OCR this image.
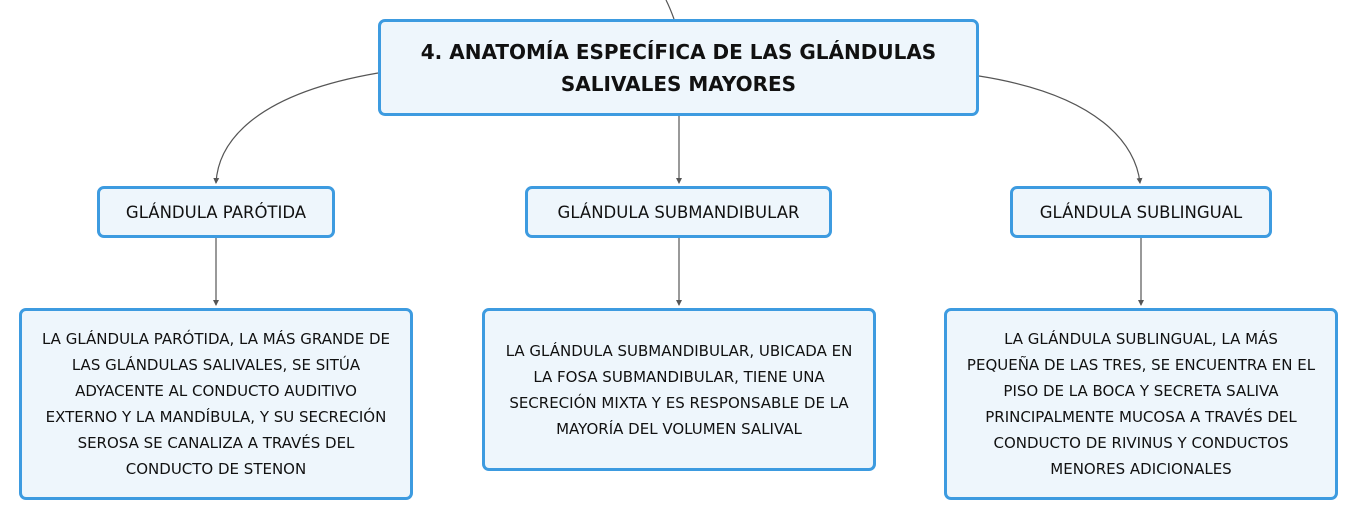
4. ANATOMÍA ESPECÍFICA DE LAS GLÁNDULAS
SALIVALES MAYORES
GLÁNDULA PARÓTIDA	GLÁNDULA SUBMANDIBULAR	GLÁNDULA SUBLINGUAL
LA GLÁNDULA PARÓTIDA, LA MÁS GRANDE DE
LAS GLÁNDULAS SALIVALES, SE SITÚA
ADYACENTE AL CONDUCTO AUDITIVO
EXTERNO Y LA MANDÍBULA, Y SU SECRECIÓN
SEROSA SE CANALIZA A TRAVÉS DEL
CONDUCTO DE STENON
LA GLÁNDULA SUBMANDIBULAR, UBICADA EN
LA FOSA SUBMANDIBULAR, TIENE UNA
SECRECIÓN MIXTA Y ES RESPONSABLE DE LA
MAYORÍA DEL VOLUMEN SALIVAL
LA GLÁNDULA SUBLINGUAL, LA MÁS
PEQUEÑA DE LAS TRES, SE ENCUENTRA EN EL
PISO DE LA BOCA Y SECRETA SALIVA
PRINCIPALMENTE MUCOSA A TRAVÉS DEL
CONDUCTO DE RIVINUS Y CONDUCTOS
MENORES ADICIONALES
